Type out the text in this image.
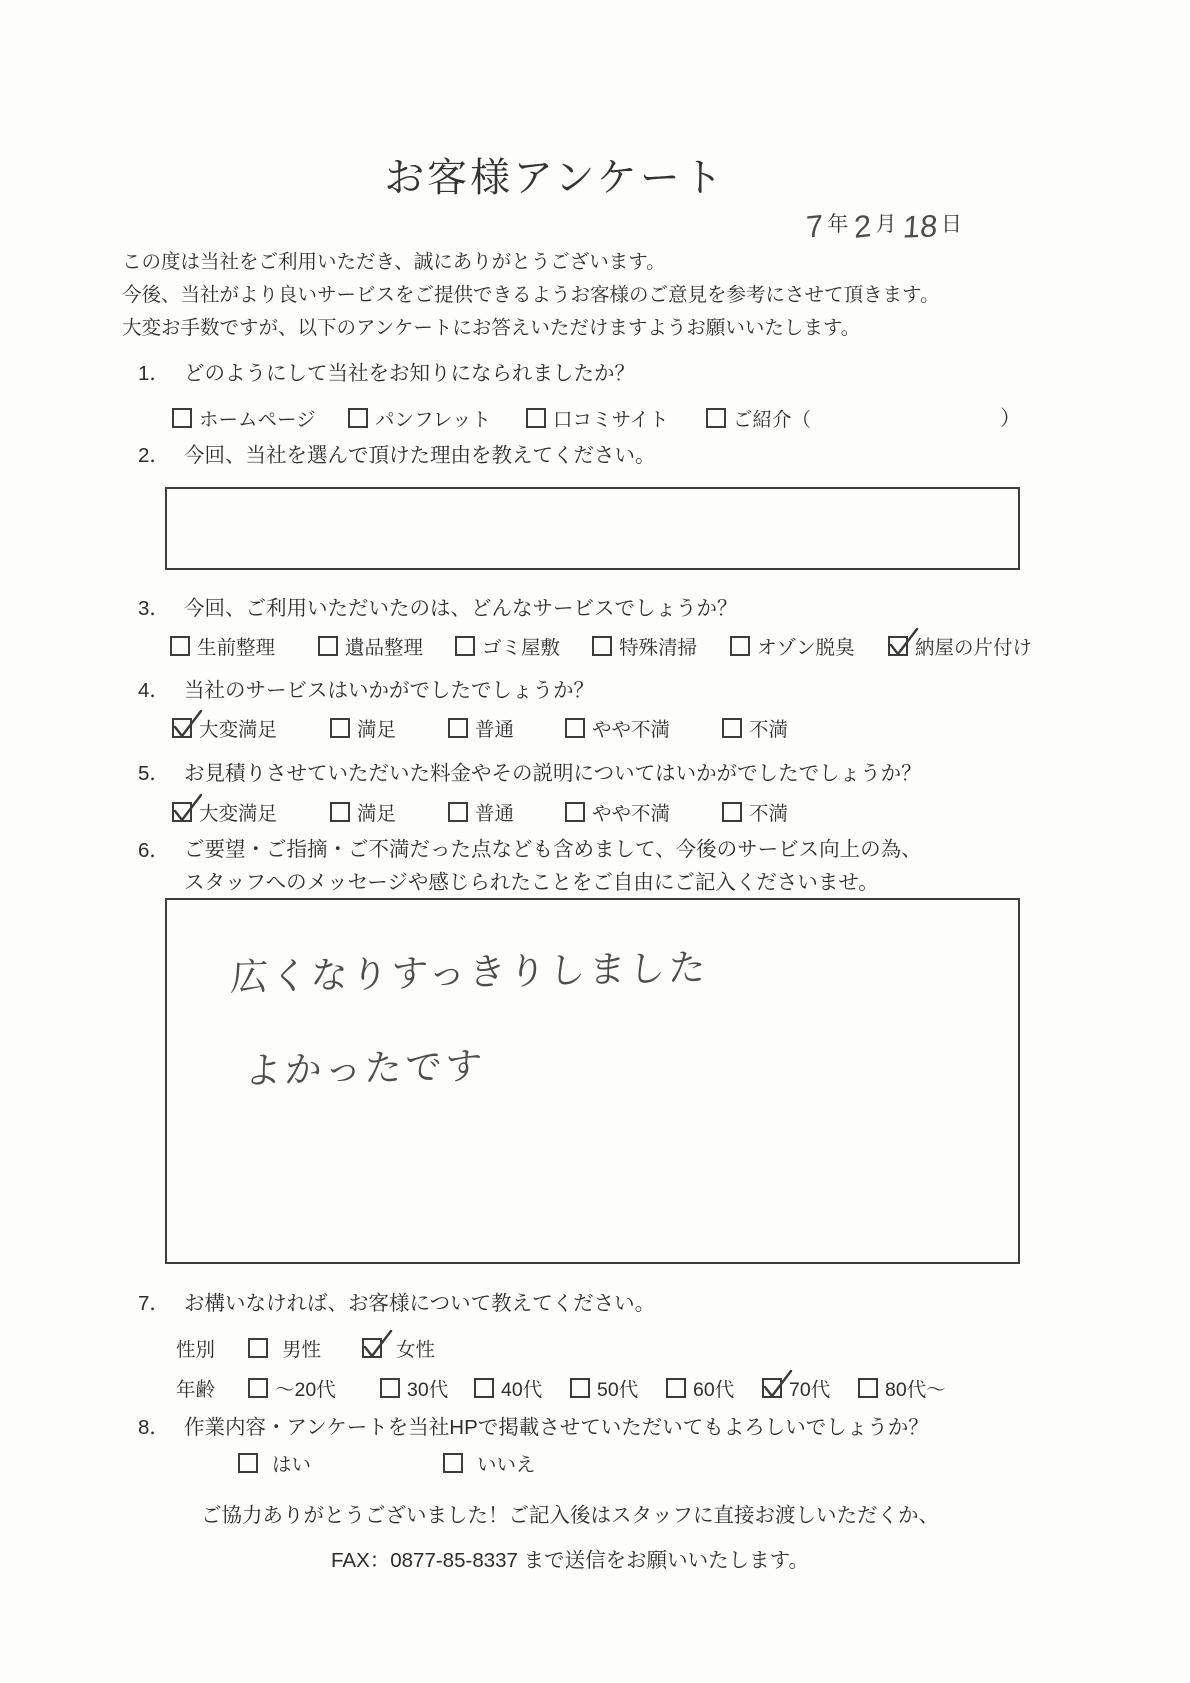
お客様アンケート
7 年 2 月 18 日
この度は当社をご利用いただき、誠にありがとうございます。
今後、当社がより良いサービスをご提供できるようお客様のご意見を参考にさせて頂きます。
大変お手数ですが、以下のアンケートにお答えいただけますようお願いいたします。
1． どのようにして当社をお知りになられましたか？
ホームページ	パンフレット	口コミサイト	ご紹介（	）
2． 今回、当社を選んで頂けた理由を教えてください。
3． 今回、ご利用いただいたのは、どんなサービスでしょうか？
生前整理	遺品整理	ゴミ屋敷	特殊清掃	オゾン脱臭	納屋の片付け
4． 当社のサービスはいかがでしたでしょうか？
大変満足	満足	普通	やや不満	不満
5． お見積りさせていただいた料金やその説明についてはいかがでしたでしょうか？
大変満足	満足	普通	やや不満	不満
6． ご要望・ご指摘・ご不満だった点なども含めまして、今後のサービス向上の為、
スタッフへのメッセージや感じられたことをご自由にご記入くださいませ。
広くなりすっきりしました
よかったです
7． お構いなければ、お客様について教えてください。
性別	男性	女性
年齢	～20代	30代	40代	50代	60代	70代	80代～
8． 作業内容・アンケートを当社HPで掲載させていただいてもよろしいでしょうか？
はい	いいえ
ご協力ありがとうございました！ご記入後はスタッフに直接お渡しいただくか、
FAX：0877-85-8337 まで送信をお願いいたします。
